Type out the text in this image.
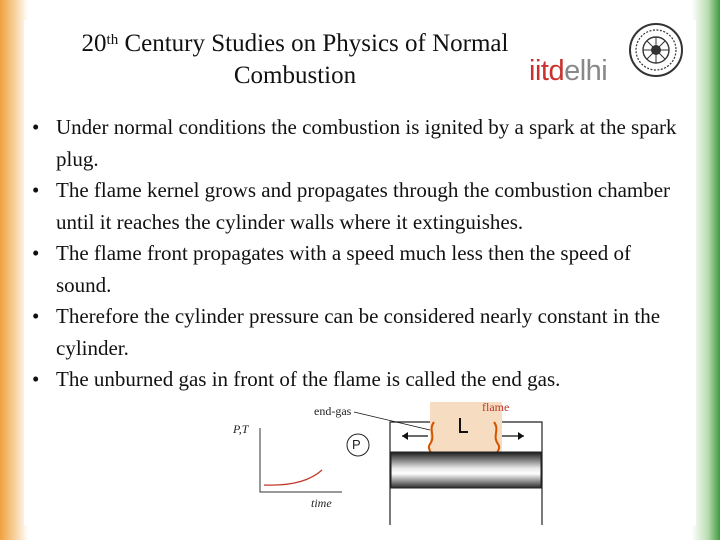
20th Century Studies on Physics of Normal
Combustion	iitdelhi
• Under normal conditions the combustion is ignited by a spark at the spark plug.
• The flame kernel grows and propagates through the combustion chamber until it reaches the cylinder walls where it extinguishes.
• The flame front propagates with a speed much less then the speed of sound.
• Therefore the cylinder pressure can be considered nearly constant in the cylinder.
• The unburned gas in front of the flame is called the end gas.
end-gas	flame
P,T
time
P
